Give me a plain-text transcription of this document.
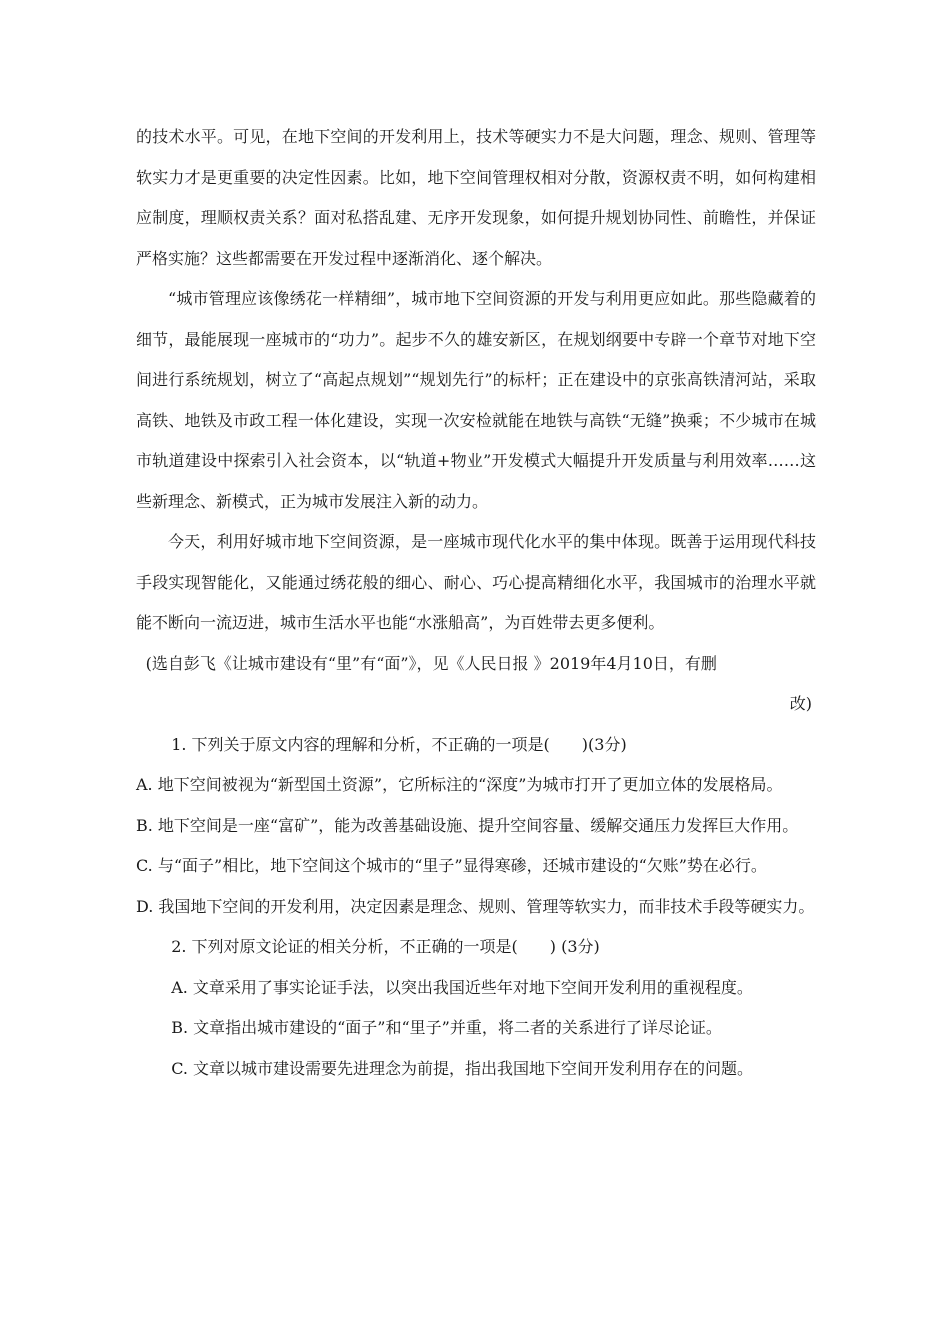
的技术水平。可见，在地下空间的开发利用上，技术等硬实力不是大问题，理念、规则、管理等软实力才是更重要的决定性因素。比如，地下空间管理权相对分散，资源权责不明，如何构建相应制度，理顺权责关系？面对私搭乱建、无序开发现象，如何提升规划协同性、前瞻性，并保证严格实施？这些都需要在开发过程中逐渐消化、逐个解决。

“城市管理应该像绣花一样精细”，城市地下空间资源的开发与利用更应如此。那些隐藏着的细节，最能展现一座城市的“功力”。起步不久的雄安新区，在规划纲要中专辟一个章节对地下空间进行系统规划，树立了“高起点规划”“规划先行”的标杆；正在建设中的京张高铁清河站，采取高铁、地铁及市政工程一体化建设，实现一次安检就能在地铁与高铁“无缝”换乘；不少城市在城市轨道建设中探索引入社会资本，以“轨道+物业”开发模式大幅提升开发质量与利用效率……这些新理念、新模式，正为城市发展注入新的动力。

今天，利用好城市地下空间资源，是一座城市现代化水平的集中体现。既善于运用现代科技手段实现智能化，又能通过绣花般的细心、耐心、巧心提高精细化水平，我国城市的治理水平就能不断向一流迈进，城市生活水平也能“水涨船高”，为百姓带去更多便利。

(选自彭飞《让城市建设有“里”有“面”》，见《人民日报 》2019年4月10日，有删

改)

1. 下列关于原文内容的理解和分析，不正确的一项是(　　)(3分)

A. 地下空间被视为“新型国土资源”，它所标注的“深度”为城市打开了更加立体的发展格局。

B. 地下空间是一座“富矿”，能为改善基础设施、提升空间容量、缓解交通压力发挥巨大作用。

C. 与“面子”相比，地下空间这个城市的“里子”显得寒碜，还城市建设的“欠账”势在必行。

D. 我国地下空间的开发利用，决定因素是理念、规则、管理等软实力，而非技术手段等硬实力。

2. 下列对原文论证的相关分析，不正确的一项是(　　) (3分)

A. 文章采用了事实论证手法，以突出我国近些年对地下空间开发利用的重视程度。

B. 文章指出城市建设的“面子”和“里子”并重，将二者的关系进行了详尽论证。

C. 文章以城市建设需要先进理念为前提，指出我国地下空间开发利用存在的问题。
